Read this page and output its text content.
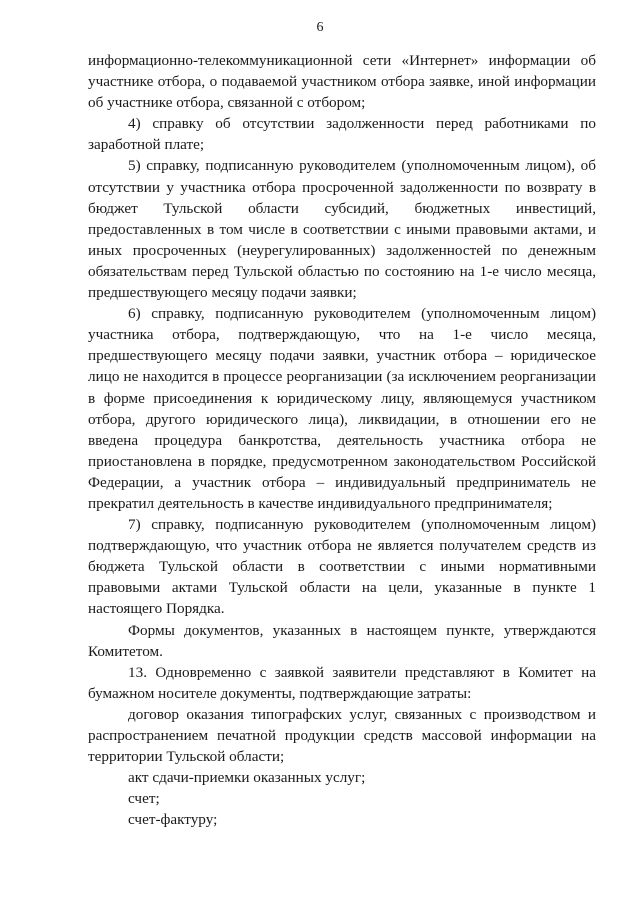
6

информационно-телекоммуникационной сети «Интернет» информации об участнике отбора, о подаваемой участником отбора заявке, иной информации об участнике отбора, связанной с отбором;

4) справку об отсутствии задолженности перед работниками по заработной плате;

5) справку, подписанную руководителем (уполномоченным лицом), об отсутствии у участника отбора просроченной задолженности по возврату в бюджет Тульской области субсидий, бюджетных инвестиций, предоставленных в том числе в соответствии с иными правовыми актами, и иных просроченных (неурегулированных) задолженностей по денежным обязательствам перед Тульской областью по состоянию на 1-е число месяца, предшествующего месяцу подачи заявки;

6) справку, подписанную руководителем (уполномоченным лицом) участника отбора, подтверждающую, что на 1-е число месяца, предшествующего месяцу подачи заявки, участник отбора – юридическое лицо не находится в процессе реорганизации (за исключением реорганизации в форме присоединения к юридическому лицу, являющемуся участником отбора, другого юридического лица), ликвидации, в отношении его не введена процедура банкротства, деятельность участника отбора не приостановлена в порядке, предусмотренном законодательством Российской Федерации, а участник отбора – индивидуальный предприниматель не прекратил деятельность в качестве индивидуального предпринимателя;

7) справку, подписанную руководителем (уполномоченным лицом) подтверждающую, что участник отбора не является получателем средств из бюджета Тульской области в соответствии с иными нормативными правовыми актами Тульской области на цели, указанные в пункте 1 настоящего Порядка.

Формы документов, указанных в настоящем пункте, утверждаются Комитетом.

13. Одновременно с заявкой заявители представляют в Комитет на бумажном носителе документы, подтверждающие затраты:

договор оказания типографских услуг, связанных с производством и распространением печатной продукции средств массовой информации на территории Тульской области;

акт сдачи-приемки оказанных услуг;

счет;

счет-фактуру;
